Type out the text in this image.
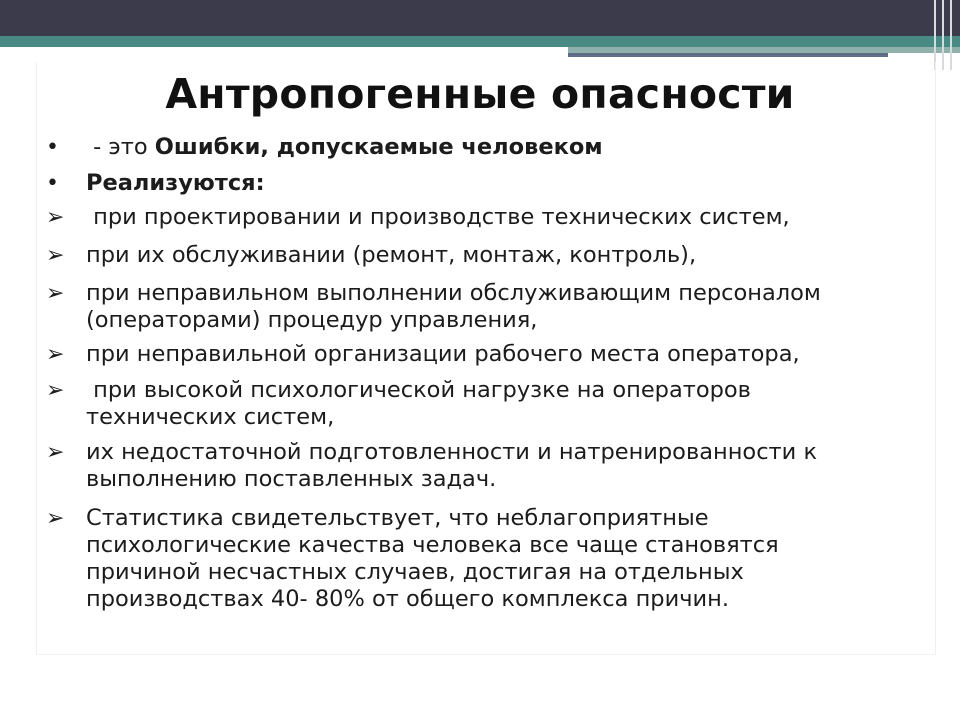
Антропогенные опасности
• - это Ошибки, допускаемые человеком
• Реализуются:
➢ при проектировании и производстве технических систем,
➢ при их обслуживании (ремонт, монтаж, контроль),
➢ при неправильном выполнении обслуживающим персоналом
(операторами) процедур управления,
➢ при неправильной организации рабочего места оператора,
➢	при высокой психологической нагрузке на операторов
технических систем,
➢ их недостаточной подготовленности и натренированности к
выполнению поставленных задач.
➢ Статистика свидетельствует, что неблагоприятные
психологические качества человека все чаще становятся
причиной несчастных случаев, достигая на отдельных
производствах 40- 80% от общего комплекса причин.
